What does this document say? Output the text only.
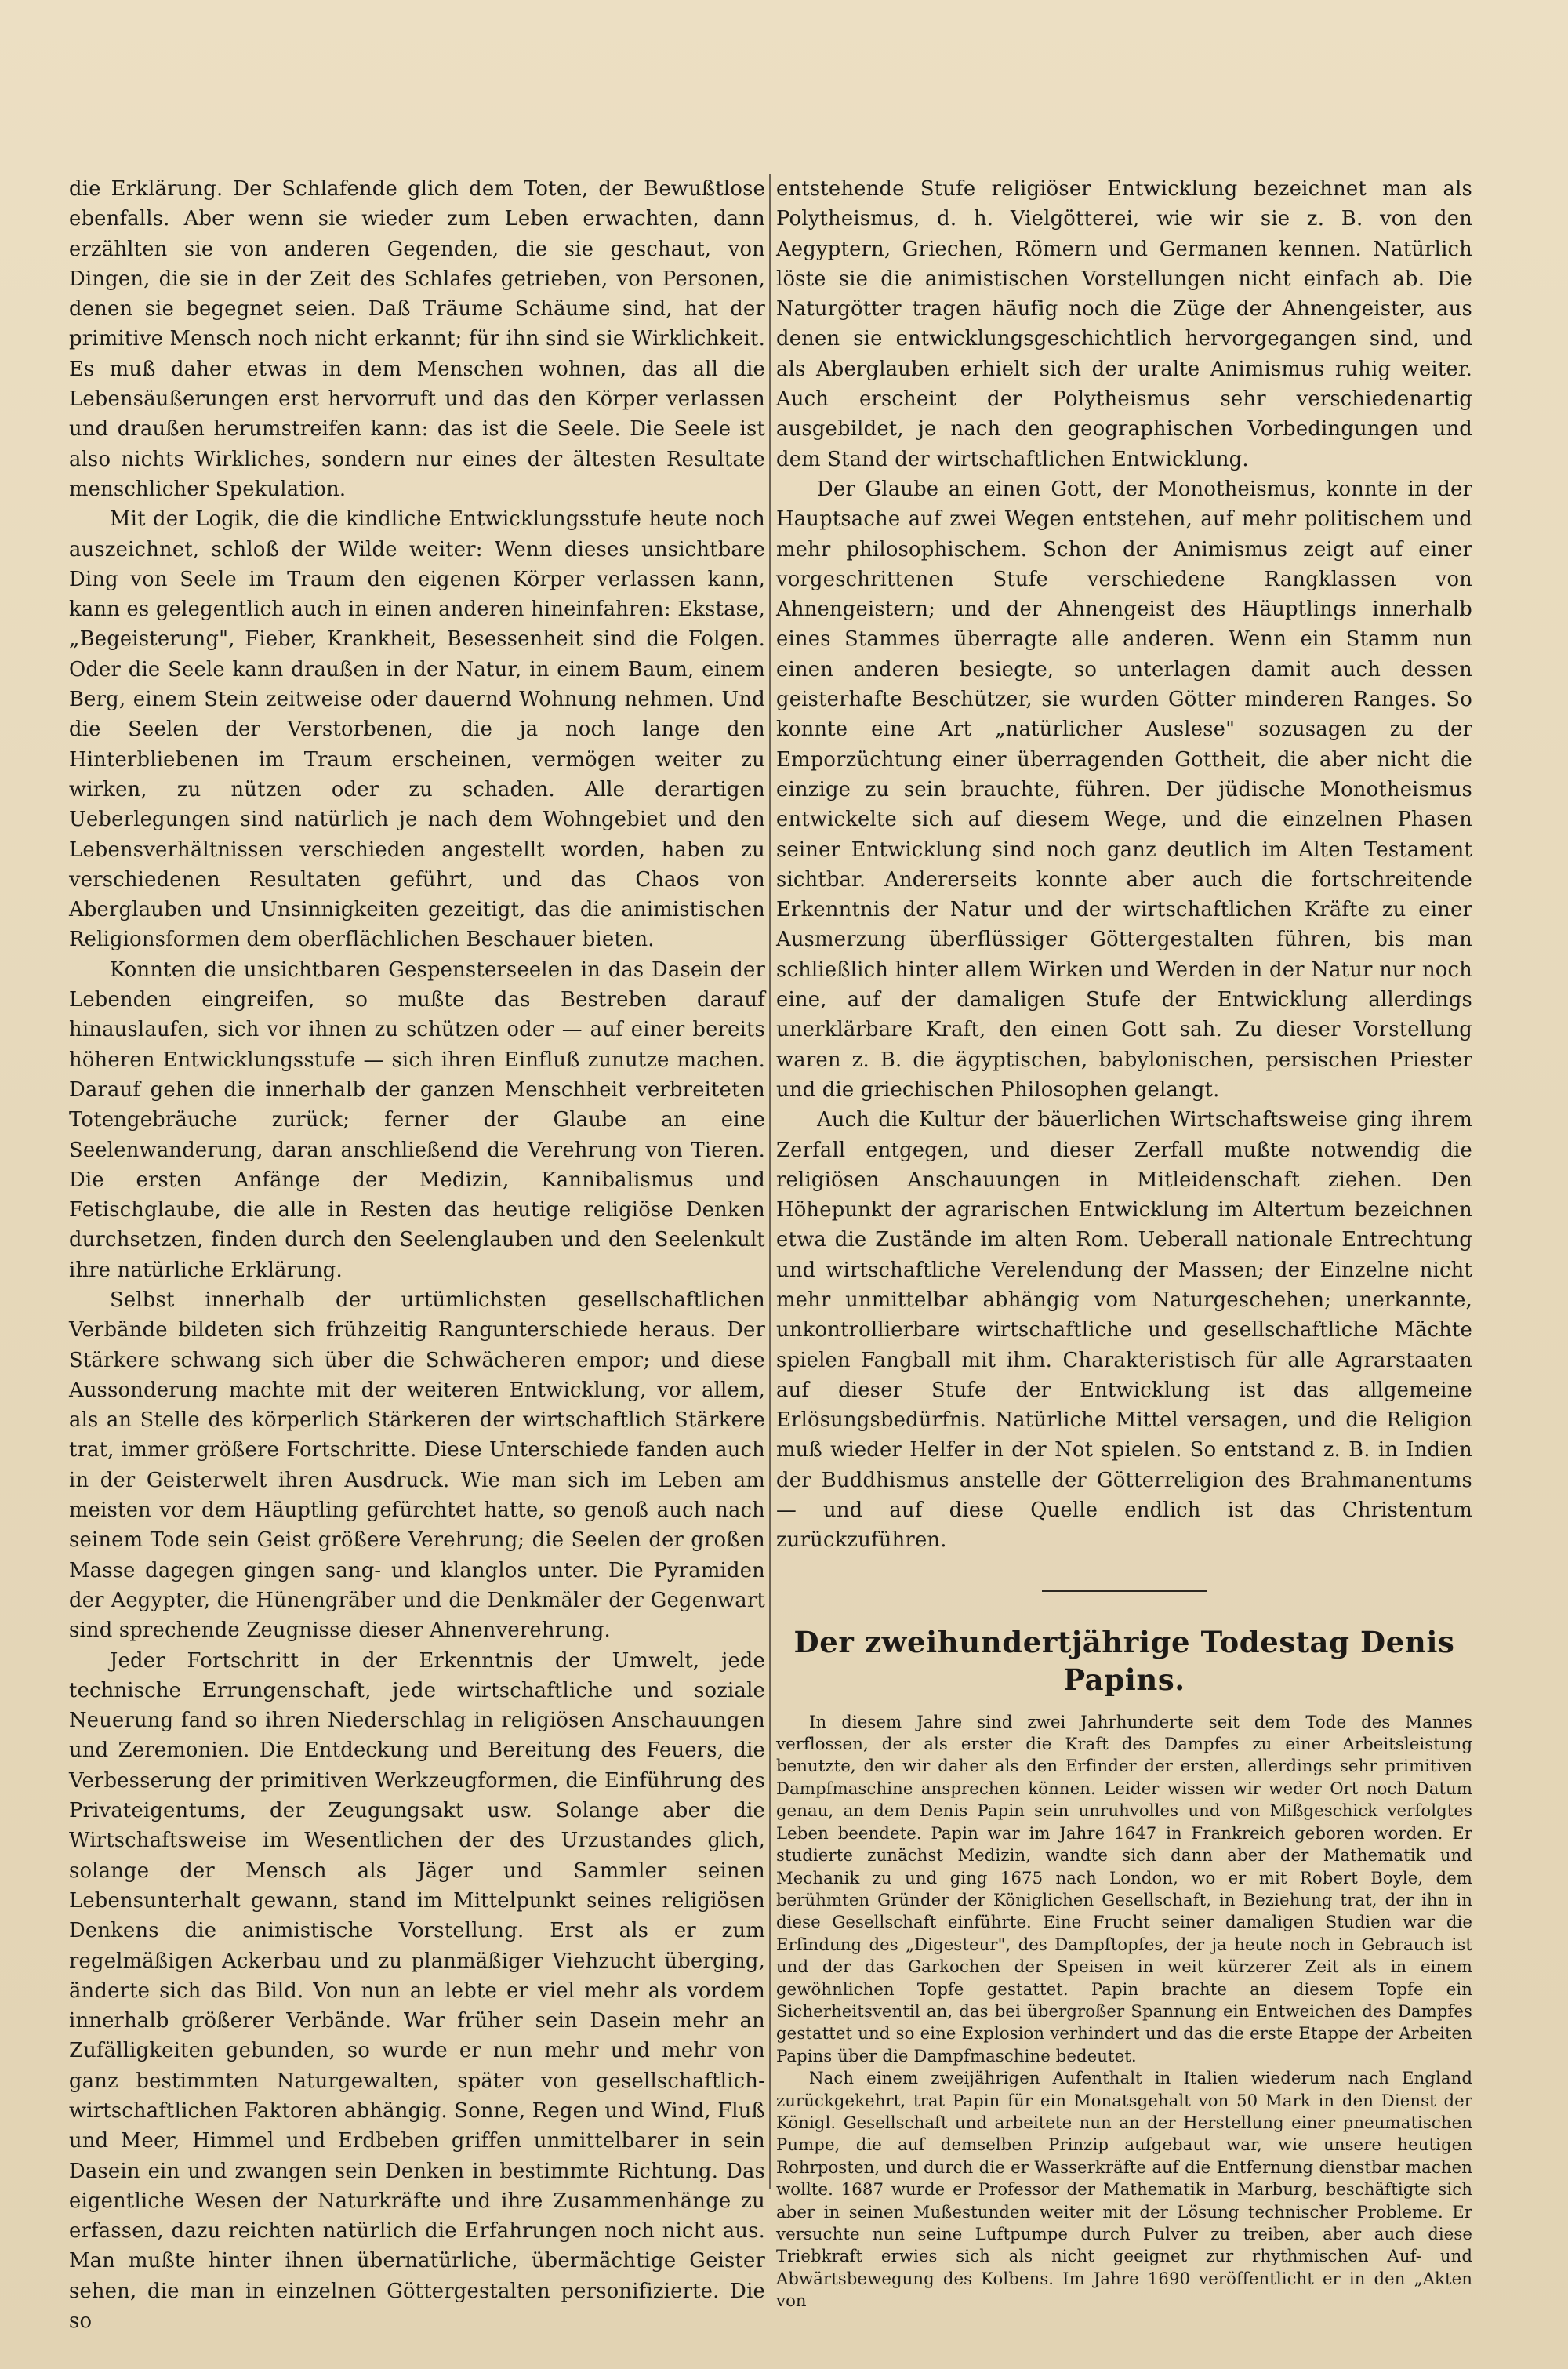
die Erklärung. Der Schlafende glich dem Toten, der Bewußtlose ebenfalls. Aber wenn sie wieder zum Leben erwachten, dann erzählten sie von anderen Gegenden, die sie geschaut, von Dingen, die sie in der Zeit des Schlafes getrieben, von Personen, denen sie begegnet seien. Daß Träume Schäume sind, hat der primitive Mensch noch nicht erkannt; für ihn sind sie Wirklichkeit. Es muß daher etwas in dem Menschen wohnen, das all die Lebensäußerungen erst hervorruft und das den Körper verlassen und draußen herumstreifen kann: das ist die Seele. Die Seele ist also nichts Wirkliches, sondern nur eines der ältesten Resultate menschlicher Spekulation.

Mit der Logik, die die kindliche Entwicklungsstufe heute noch auszeichnet, schloß der Wilde weiter: Wenn dieses unsichtbare Ding von Seele im Traum den eigenen Körper verlassen kann, kann es gelegentlich auch in einen anderen hineinfahren: Ekstase, „Begeisterung", Fieber, Krankheit, Besessenheit sind die Folgen. Oder die Seele kann draußen in der Natur, in einem Baum, einem Berg, einem Stein zeitweise oder dauernd Wohnung nehmen. Und die Seelen der Verstorbenen, die ja noch lange den Hinterbliebenen im Traum erscheinen, vermögen weiter zu wirken, zu nützen oder zu schaden. Alle derartigen Ueberlegungen sind natürlich je nach dem Wohngebiet und den Lebensverhältnissen verschieden angestellt worden, haben zu verschiedenen Resultaten geführt, und das Chaos von Aberglauben und Unsinnigkeiten gezeitigt, das die animistischen Religionsformen dem oberflächlichen Beschauer bieten.

Konnten die unsichtbaren Gespensterseelen in das Dasein der Lebenden eingreifen, so mußte das Bestreben darauf hinauslaufen, sich vor ihnen zu schützen oder — auf einer bereits höheren Entwicklungsstufe — sich ihren Einfluß zunutze machen. Darauf gehen die innerhalb der ganzen Menschheit verbreiteten Totengebräuche zurück; ferner der Glaube an eine Seelenwanderung, daran anschließend die Verehrung von Tieren. Die ersten Anfänge der Medizin, Kannibalismus und Fetischglaube, die alle in Resten das heutige religiöse Denken durchsetzen, finden durch den Seelenglauben und den Seelenkult ihre natürliche Erklärung.

Selbst innerhalb der urtümlichsten gesellschaftlichen Verbände bildeten sich frühzeitig Rangunterschiede heraus. Der Stärkere schwang sich über die Schwächeren empor; und diese Aussonderung machte mit der weiteren Entwicklung, vor allem, als an Stelle des körperlich Stärkeren der wirtschaftlich Stärkere trat, immer größere Fortschritte. Diese Unterschiede fanden auch in der Geisterwelt ihren Ausdruck. Wie man sich im Leben am meisten vor dem Häuptling gefürchtet hatte, so genoß auch nach seinem Tode sein Geist größere Verehrung; die Seelen der großen Masse dagegen gingen sang- und klanglos unter. Die Pyramiden der Aegypter, die Hünengräber und die Denkmäler der Gegenwart sind sprechende Zeugnisse dieser Ahnenverehrung.

Jeder Fortschritt in der Erkenntnis der Umwelt, jede technische Errungenschaft, jede wirtschaftliche und soziale Neuerung fand so ihren Niederschlag in religiösen Anschauungen und Zeremonien. Die Entdeckung und Bereitung des Feuers, die Verbesserung der primitiven Werkzeugformen, die Einführung des Privateigentums, der Zeugungsakt usw. Solange aber die Wirtschaftsweise im Wesentlichen der des Urzustandes glich, solange der Mensch als Jäger und Sammler seinen Lebensunterhalt gewann, stand im Mittelpunkt seines religiösen Denkens die animistische Vorstellung. Erst als er zum regelmäßigen Ackerbau und zu planmäßiger Viehzucht überging, änderte sich das Bild. Von nun an lebte er viel mehr als vordem innerhalb größerer Verbände. War früher sein Dasein mehr an Zufälligkeiten gebunden, so wurde er nun mehr und mehr von ganz bestimmten Naturgewalten, später von gesellschaftlich-wirtschaftlichen Faktoren abhängig. Sonne, Regen und Wind, Fluß und Meer, Himmel und Erdbeben griffen unmittelbarer in sein Dasein ein und zwangen sein Denken in bestimmte Richtung. Das eigentliche Wesen der Naturkräfte und ihre Zusammenhänge zu erfassen, dazu reichten natürlich die Erfahrungen noch nicht aus. Man mußte hinter ihnen übernatürliche, übermächtige Geister sehen, die man in einzelnen Göttergestalten personifizierte. Die so

entstehende Stufe religiöser Entwicklung bezeichnet man als Polytheismus, d. h. Vielgötterei, wie wir sie z. B. von den Aegyptern, Griechen, Römern und Germanen kennen. Natürlich löste sie die animistischen Vorstellungen nicht einfach ab. Die Naturgötter tragen häufig noch die Züge der Ahnengeister, aus denen sie entwicklungsgeschichtlich hervorgegangen sind, und als Aberglauben erhielt sich der uralte Animismus ruhig weiter. Auch erscheint der Polytheismus sehr verschiedenartig ausgebildet, je nach den geographischen Vorbedingungen und dem Stand der wirtschaftlichen Entwicklung.

Der Glaube an einen Gott, der Monotheismus, konnte in der Hauptsache auf zwei Wegen entstehen, auf mehr politischem und mehr philosophischem. Schon der Animismus zeigt auf einer vorgeschrittenen Stufe verschiedene Rangklassen von Ahnengeistern; und der Ahnengeist des Häuptlings innerhalb eines Stammes überragte alle anderen. Wenn ein Stamm nun einen anderen besiegte, so unterlagen damit auch dessen geisterhafte Beschützer, sie wurden Götter minderen Ranges. So konnte eine Art „natürlicher Auslese" sozusagen zu der Emporzüchtung einer überragenden Gottheit, die aber nicht die einzige zu sein brauchte, führen. Der jüdische Monotheismus entwickelte sich auf diesem Wege, und die einzelnen Phasen seiner Entwicklung sind noch ganz deutlich im Alten Testament sichtbar. Andererseits konnte aber auch die fortschreitende Erkenntnis der Natur und der wirtschaftlichen Kräfte zu einer Ausmerzung überflüssiger Göttergestalten führen, bis man schließlich hinter allem Wirken und Werden in der Natur nur noch eine, auf der damaligen Stufe der Entwicklung allerdings unerklärbare Kraft, den einen Gott sah. Zu dieser Vorstellung waren z. B. die ägyptischen, babylonischen, persischen Priester und die griechischen Philosophen gelangt.

Auch die Kultur der bäuerlichen Wirtschaftsweise ging ihrem Zerfall entgegen, und dieser Zerfall mußte notwendig die religiösen Anschauungen in Mitleidenschaft ziehen. Den Höhepunkt der agrarischen Entwicklung im Altertum bezeichnen etwa die Zustände im alten Rom. Ueberall nationale Entrechtung und wirtschaftliche Verelendung der Massen; der Einzelne nicht mehr unmittelbar abhängig vom Naturgeschehen; unerkannte, unkontrollierbare wirtschaftliche und gesellschaftliche Mächte spielen Fangball mit ihm. Charakteristisch für alle Agrarstaaten auf dieser Stufe der Entwicklung ist das allgemeine Erlösungsbedürfnis. Natürliche Mittel versagen, und die Religion muß wieder Helfer in der Not spielen. So entstand z. B. in Indien der Buddhismus anstelle der Götterreligion des Brahmanentums — und auf diese Quelle endlich ist das Christentum zurückzuführen.

Der zweihundertjährige Todestag Denis Papins.

In diesem Jahre sind zwei Jahrhunderte seit dem Tode des Mannes verflossen, der als erster die Kraft des Dampfes zu einer Arbeitsleistung benutzte, den wir daher als den Erfinder der ersten, allerdings sehr primitiven Dampfmaschine ansprechen können. Leider wissen wir weder Ort noch Datum genau, an dem Denis Papin sein unruhvolles und von Mißgeschick verfolgtes Leben beendete. Papin war im Jahre 1647 in Frankreich geboren worden. Er studierte zunächst Medizin, wandte sich dann aber der Mathematik und Mechanik zu und ging 1675 nach London, wo er mit Robert Boyle, dem berühmten Gründer der Königlichen Gesellschaft, in Beziehung trat, der ihn in diese Gesellschaft einführte. Eine Frucht seiner damaligen Studien war die Erfindung des „Digesteur", des Dampftopfes, der ja heute noch in Gebrauch ist und der das Garkochen der Speisen in weit kürzerer Zeit als in einem gewöhnlichen Topfe gestattet. Papin brachte an diesem Topfe ein Sicherheitsventil an, das bei übergroßer Spannung ein Entweichen des Dampfes gestattet und so eine Explosion verhindert und das die erste Etappe der Arbeiten Papins über die Dampfmaschine bedeutet.

Nach einem zweijährigen Aufenthalt in Italien wiederum nach England zurückgekehrt, trat Papin für ein Monatsgehalt von 50 Mark in den Dienst der Königl. Gesellschaft und arbeitete nun an der Herstellung einer pneumatischen Pumpe, die auf demselben Prinzip aufgebaut war, wie unsere heutigen Rohrposten, und durch die er Wasserkräfte auf die Entfernung dienstbar machen wollte. 1687 wurde er Professor der Mathematik in Marburg, beschäftigte sich aber in seinen Mußestunden weiter mit der Lösung technischer Probleme. Er versuchte nun seine Luftpumpe durch Pulver zu treiben, aber auch diese Triebkraft erwies sich als nicht geeignet zur rhythmischen Auf- und Abwärtsbewegung des Kolbens. Im Jahre 1690 veröffentlicht er in den „Akten von
